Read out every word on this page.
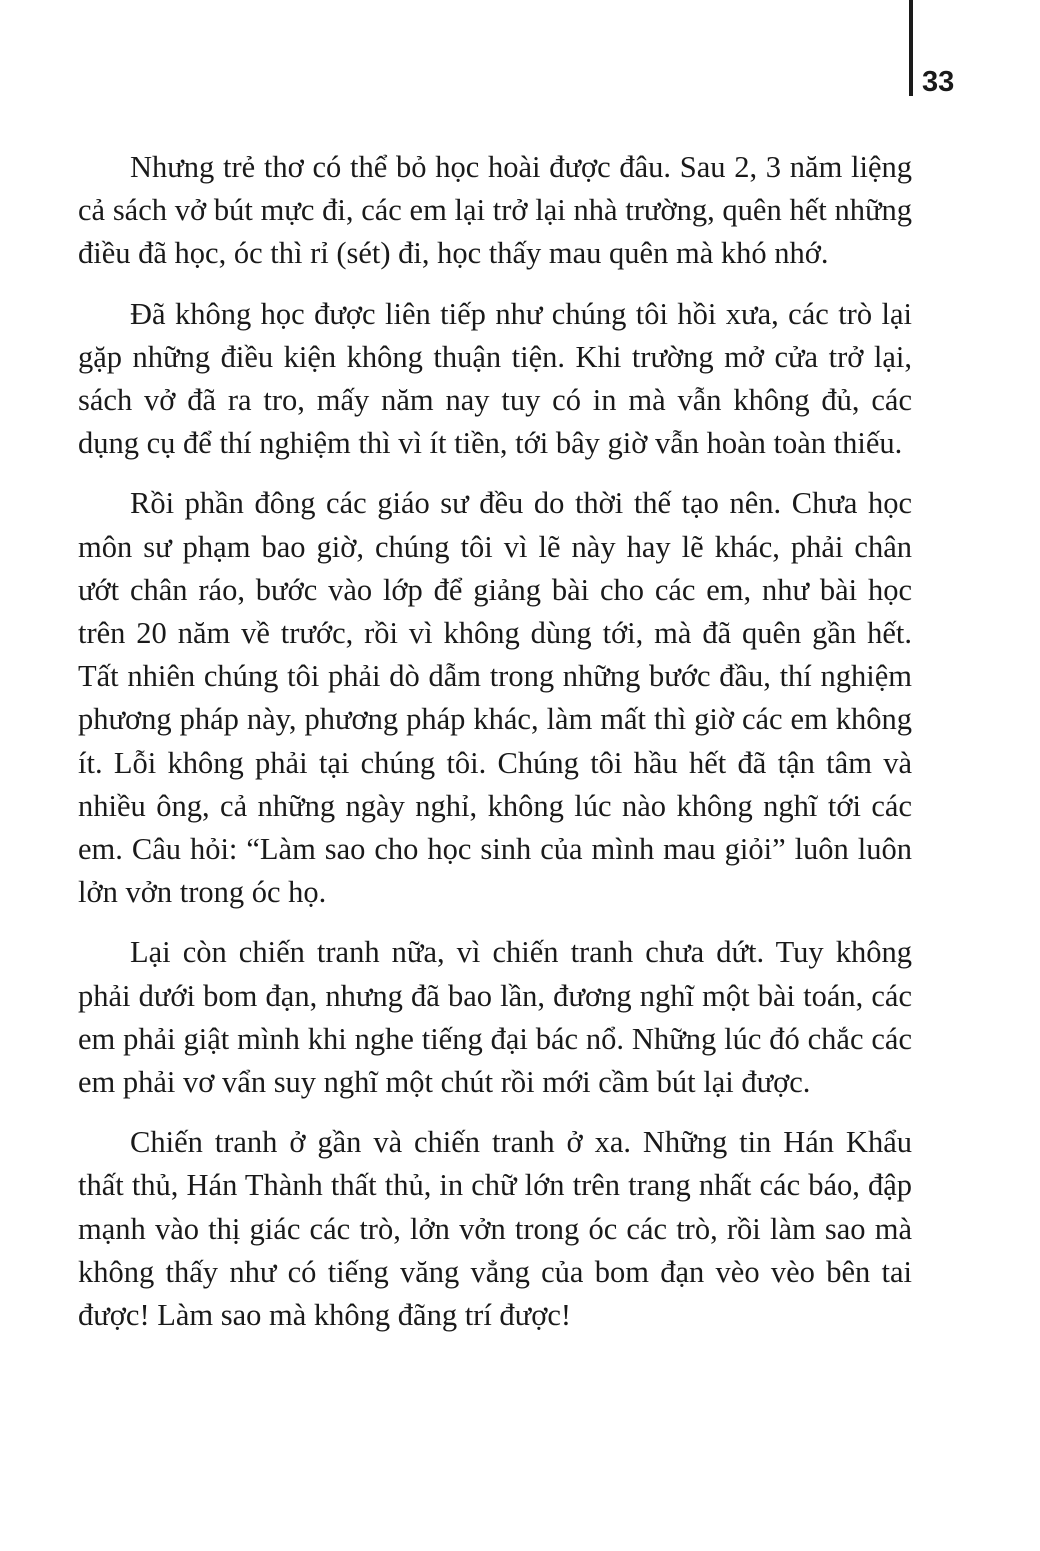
33

Nhưng trẻ thơ có thể bỏ học hoài được đâu. Sau 2, 3 năm liệng cả sách vở bút mực đi, các em lại trở lại nhà trường, quên hết những điều đã học, óc thì rỉ (sét) đi, học thấy mau quên mà khó nhớ.

Đã không học được liên tiếp như chúng tôi hồi xưa, các trò lại gặp những điều kiện không thuận tiện. Khi trường mở cửa trở lại, sách vở đã ra tro, mấy năm nay tuy có in mà vẫn không đủ, các dụng cụ để thí nghiệm thì vì ít tiền, tới bây giờ vẫn hoàn toàn thiếu.

Rồi phần đông các giáo sư đều do thời thế tạo nên. Chưa học môn sư phạm bao giờ, chúng tôi vì lẽ này hay lẽ khác, phải chân ướt chân ráo, bước vào lớp để giảng bài cho các em, như bài học trên 20 năm về trước, rồi vì không dùng tới, mà đã quên gần hết. Tất nhiên chúng tôi phải dò dẫm trong những bước đầu, thí nghiệm phương pháp này, phương pháp khác, làm mất thì giờ các em không ít. Lỗi không phải tại chúng tôi. Chúng tôi hầu hết đã tận tâm và nhiều ông, cả những ngày nghỉ, không lúc nào không nghĩ tới các em. Câu hỏi: “Làm sao cho học sinh của mình mau giỏi” luôn luôn lởn vởn trong óc họ.

Lại còn chiến tranh nữa, vì chiến tranh chưa dứt. Tuy không phải dưới bom đạn, nhưng đã bao lần, đương nghĩ một bài toán, các em phải giật mình khi nghe tiếng đại bác nổ. Những lúc đó chắc các em phải vơ vẩn suy nghĩ một chút rồi mới cầm bút lại được.

Chiến tranh ở gần và chiến tranh ở xa. Những tin Hán Khẩu thất thủ, Hán Thành thất thủ, in chữ lớn trên trang nhất các báo, đập mạnh vào thị giác các trò, lởn vởn trong óc các trò, rồi làm sao mà không thấy như có tiếng văng vẳng của bom đạn vèo vèo bên tai được! Làm sao mà không đãng trí được!
